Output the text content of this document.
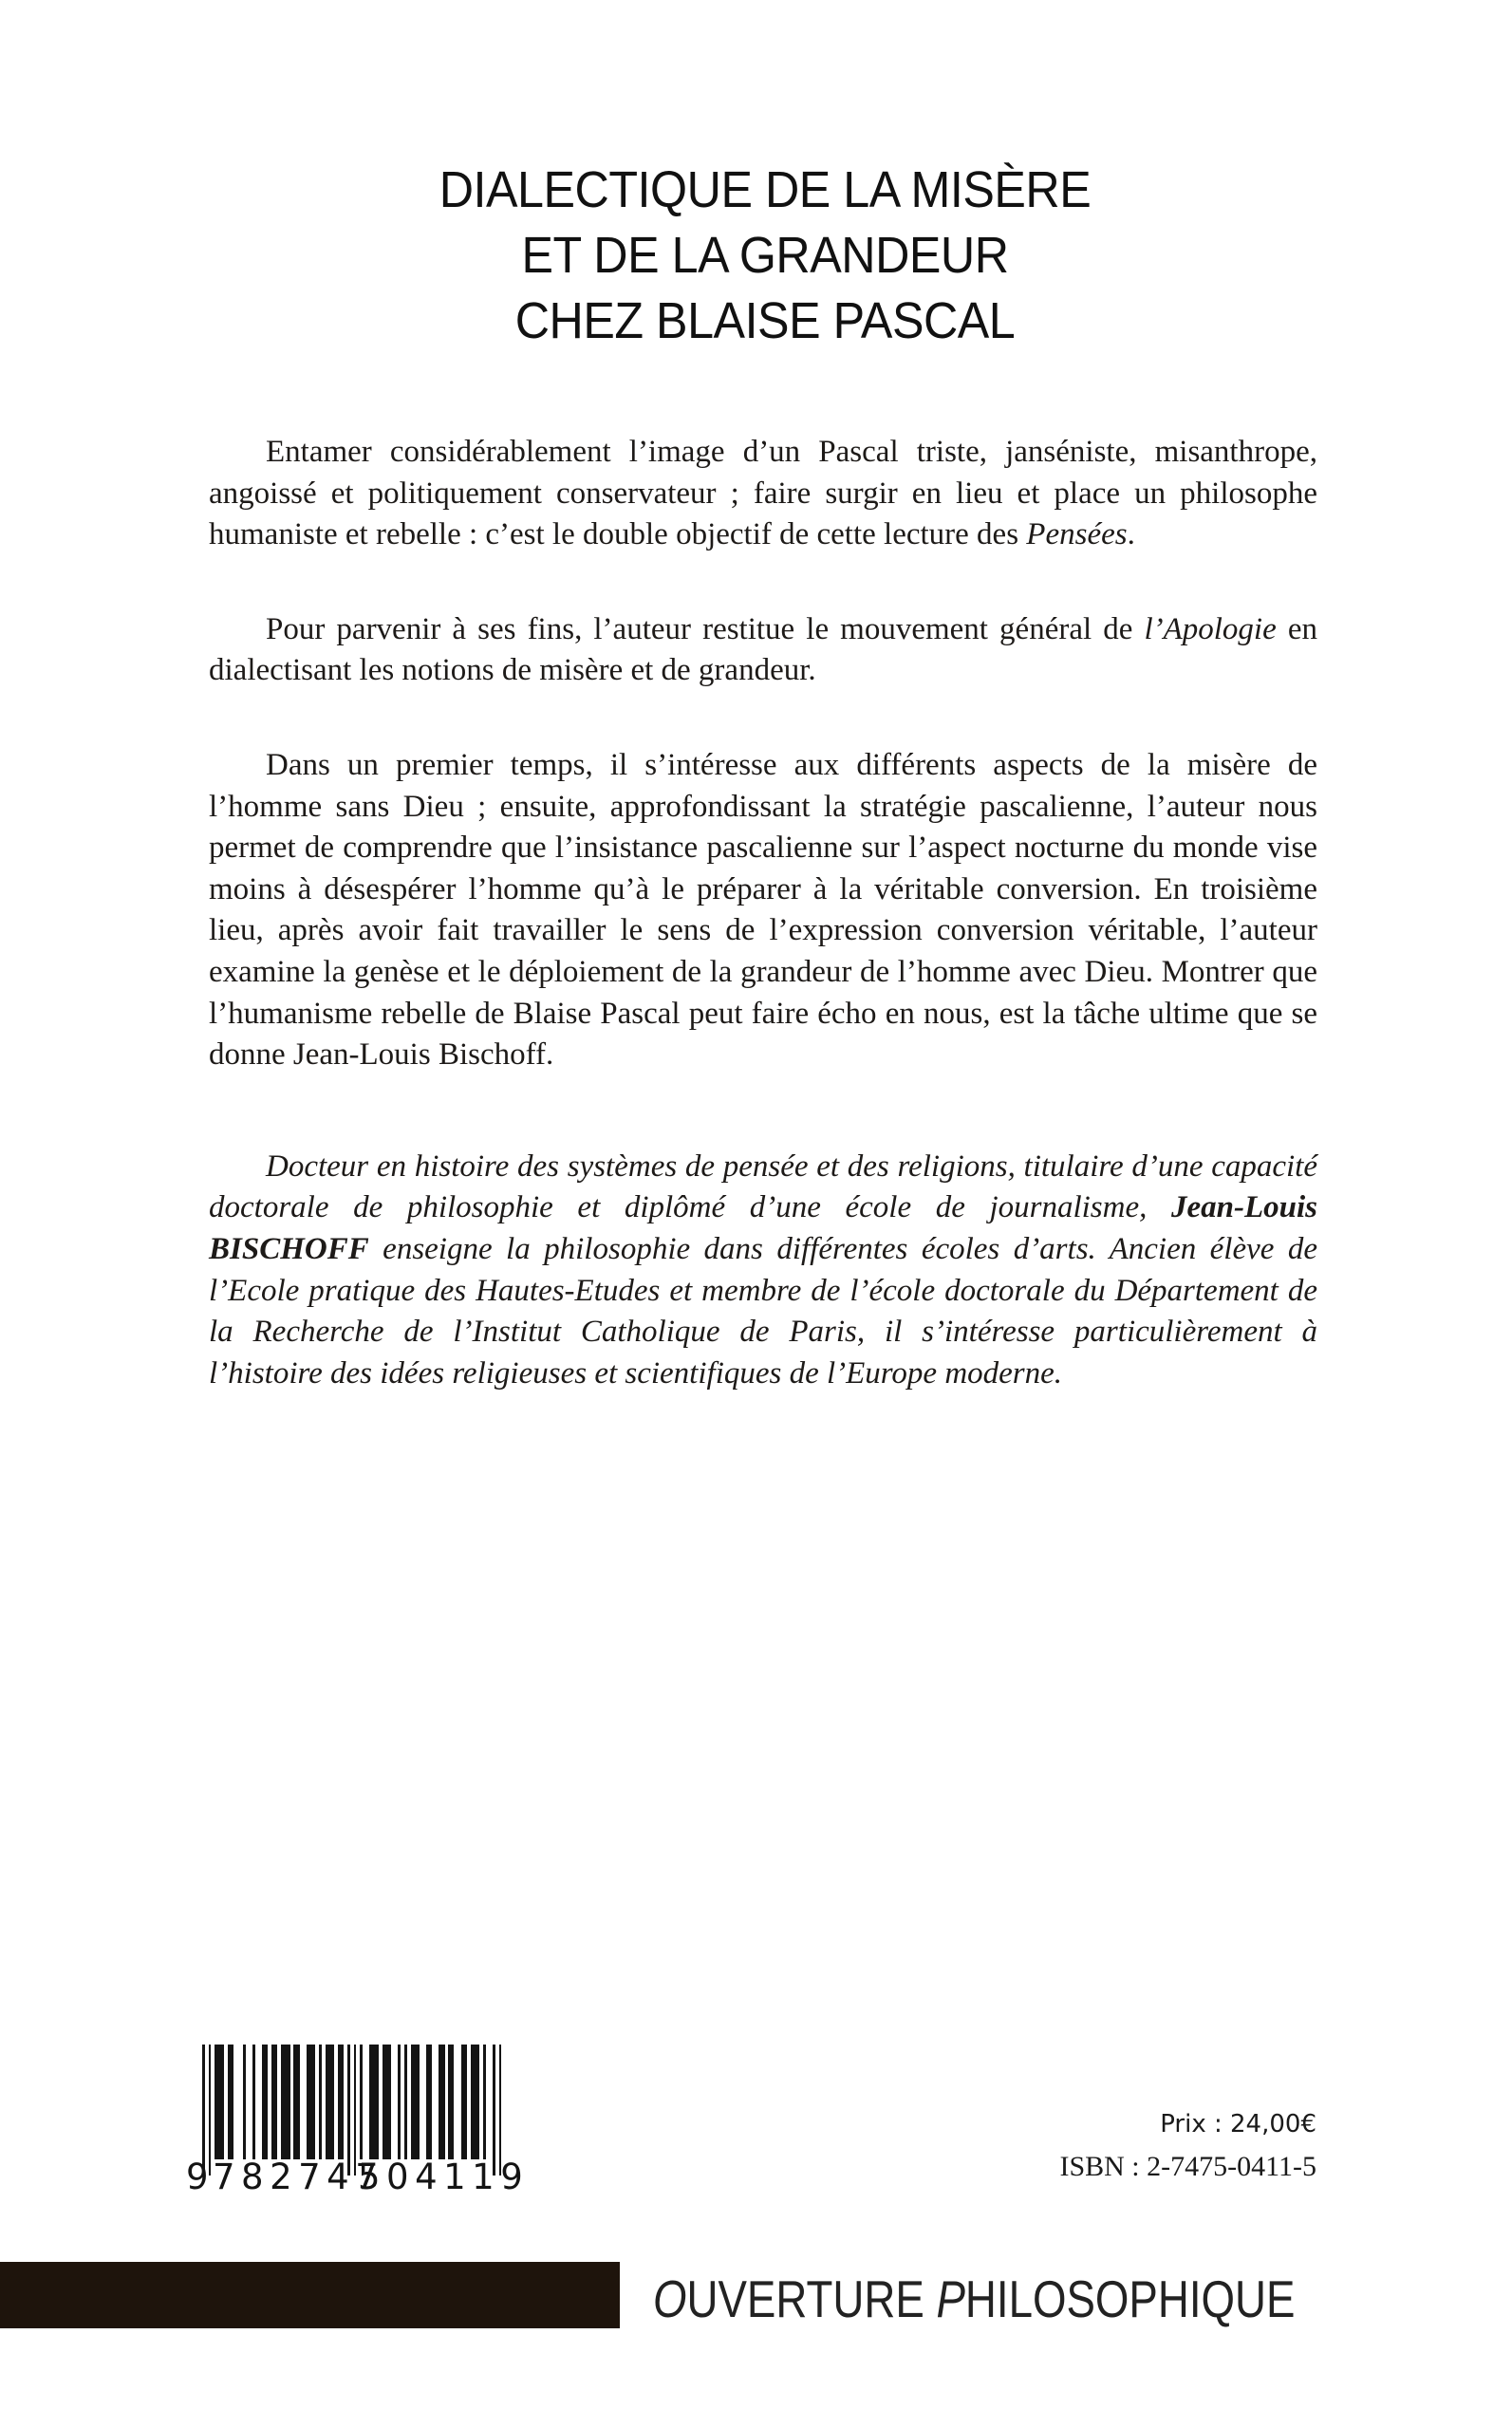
DIALECTIQUE DE LA MISÈRE
ET DE LA GRANDEUR
CHEZ BLAISE PASCAL

Entamer considérablement l’image d’un Pascal triste, janséniste, misanthrope, angoissé et politiquement conservateur ; faire surgir en lieu et place un philosophe humaniste et rebelle : c’est le double objectif de cette lecture des Pensées.

Pour parvenir à ses fins, l’auteur restitue le mouvement général de l’Apologie en dialectisant les notions de misère et de grandeur.

Dans un premier temps, il s’intéresse aux différents aspects de la misère de l’homme sans Dieu ; ensuite, approfondissant la stratégie pascalienne, l’auteur nous permet de comprendre que l’insistance pascalienne sur l’aspect nocturne du monde vise moins à désespérer l’homme qu’à le préparer à la véritable conversion. En troisième lieu, après avoir fait travailler le sens de l’expression conversion véritable, l’auteur examine la genèse et le déploiement de la grandeur de l’homme avec Dieu. Montrer que l’humanisme rebelle de Blaise Pascal peut faire écho en nous, est la tâche ultime que se donne Jean-Louis Bischoff.

Docteur en histoire des systèmes de pensée et des religions, titulaire d’une capacité doctorale de philosophie et diplômé d’une école de journalisme, Jean-Louis BISCHOFF enseigne la philosophie dans différentes écoles d’arts. Ancien élève de l’Ecole pratique des Hautes-Etudes et membre de l’école doctorale du Département de la Recherche de l’Institut Catholique de Paris, il s’intéresse particulièrement à l’histoire des idées religieuses et scientifiques de l’Europe moderne.

9 782747
504119
Prix : 24,00€
ISBN : 2-7475-0411-5
OUVERTURE PHILOSOPHIQUE
